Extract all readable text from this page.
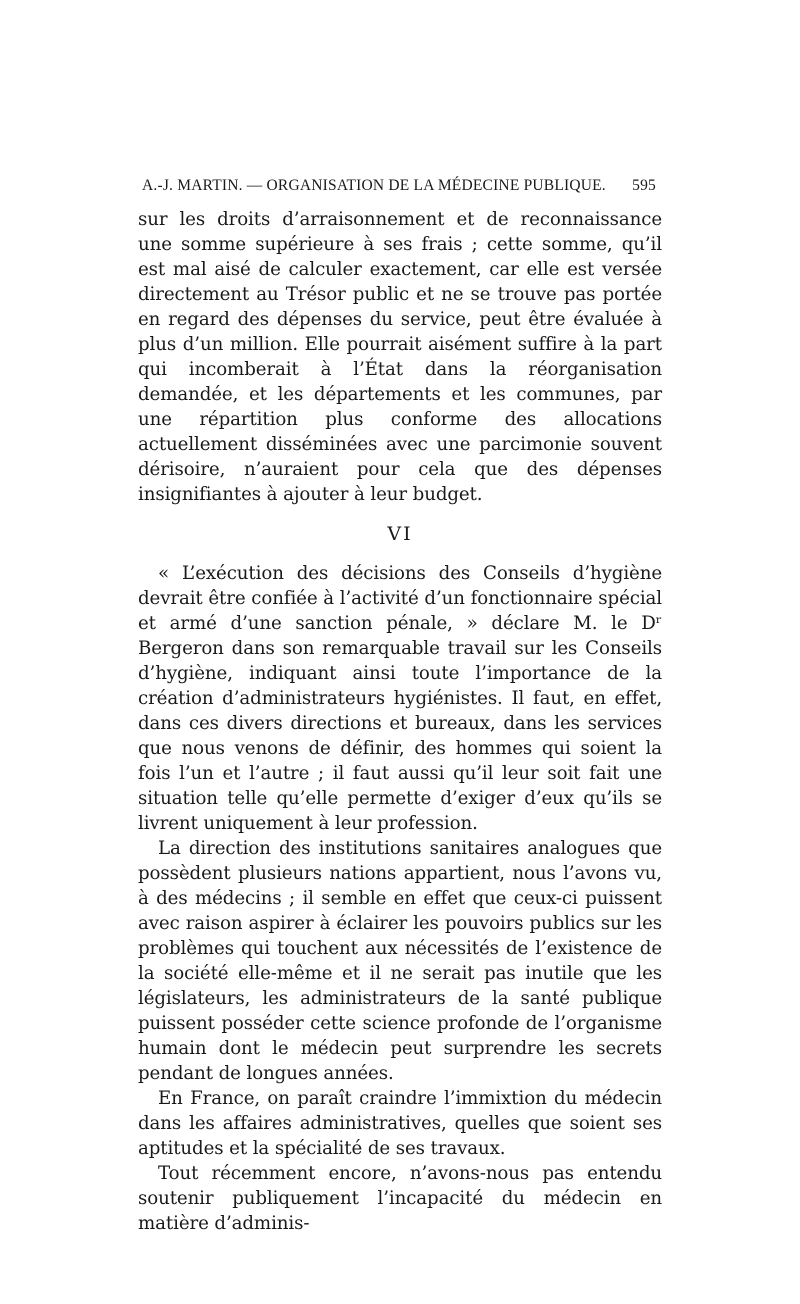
A.-J. MARTIN. — ORGANISATION DE LA MÉDECINE PUBLIQUE. 595

sur les droits d’arraisonnement et de reconnaissance une somme supérieure à ses frais ; cette somme, qu’il est mal aisé de calculer exactement, car elle est versée directement au Trésor public et ne se trouve pas portée en regard des dépenses du service, peut être évaluée à plus d’un million. Elle pourrait aisément suffire à la part qui incomberait à l’État dans la réorganisation demandée, et les départements et les communes, par une répartition plus conforme des allocations actuellement disséminées avec une parcimonie souvent dérisoire, n’auraient pour cela que des dépenses insignifiantes à ajouter à leur budget.

VI

« L’exécution des décisions des Conseils d’hygiène devrait être confiée à l’activité d’un fonctionnaire spécial et armé d’une sanction pénale, » déclare M. le Dʳ Bergeron dans son remarquable travail sur les Conseils d’hygiène, indiquant ainsi toute l’importance de la création d’administrateurs hygiénistes. Il faut, en effet, dans ces divers directions et bureaux, dans les services que nous venons de définir, des hommes qui soient la fois l’un et l’autre ; il faut aussi qu’il leur soit fait une situation telle qu’elle permette d’exiger d’eux qu’ils se livrent uniquement à leur profession.

La direction des institutions sanitaires analogues que possèdent plusieurs nations appartient, nous l’avons vu, à des médecins ; il semble en effet que ceux-ci puissent avec raison aspirer à éclairer les pouvoirs publics sur les problèmes qui touchent aux nécessités de l’existence de la société elle-même et il ne serait pas inutile que les législateurs, les administrateurs de la santé publique puissent posséder cette science profonde de l’organisme humain dont le médecin peut surprendre les secrets pendant de longues années.

En France, on paraît craindre l’immixtion du médecin dans les affaires administratives, quelles que soient ses aptitudes et la spécialité de ses travaux.

Tout récemment encore, n’avons-nous pas entendu soutenir publiquement l’incapacité du médecin en matière d’adminis-
